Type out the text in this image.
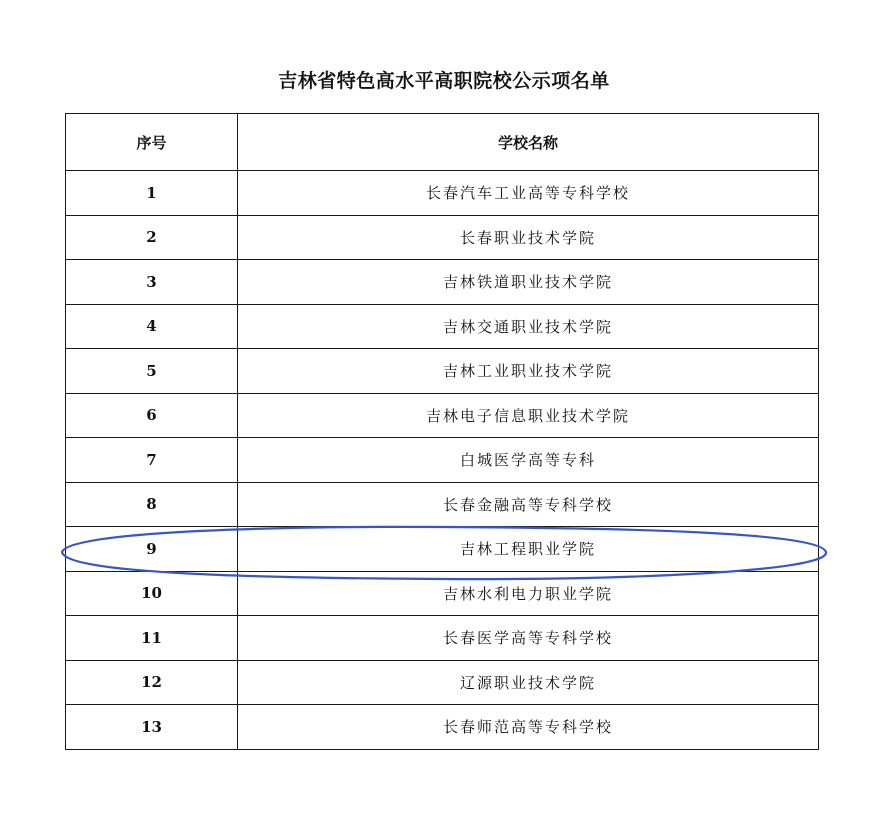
吉林省特色高水平高职院校公示项名单
序号	学校名称
1	长春汽车工业高等专科学校
2	长春职业技术学院
3	吉林铁道职业技术学院
4	吉林交通职业技术学院
5	吉林工业职业技术学院
6	吉林电子信息职业技术学院
7	白城医学高等专科
8	长春金融高等专科学校
9	吉林工程职业学院
10	吉林水利电力职业学院
11	长春医学高等专科学校
12	辽源职业技术学院
13	长春师范高等专科学校
